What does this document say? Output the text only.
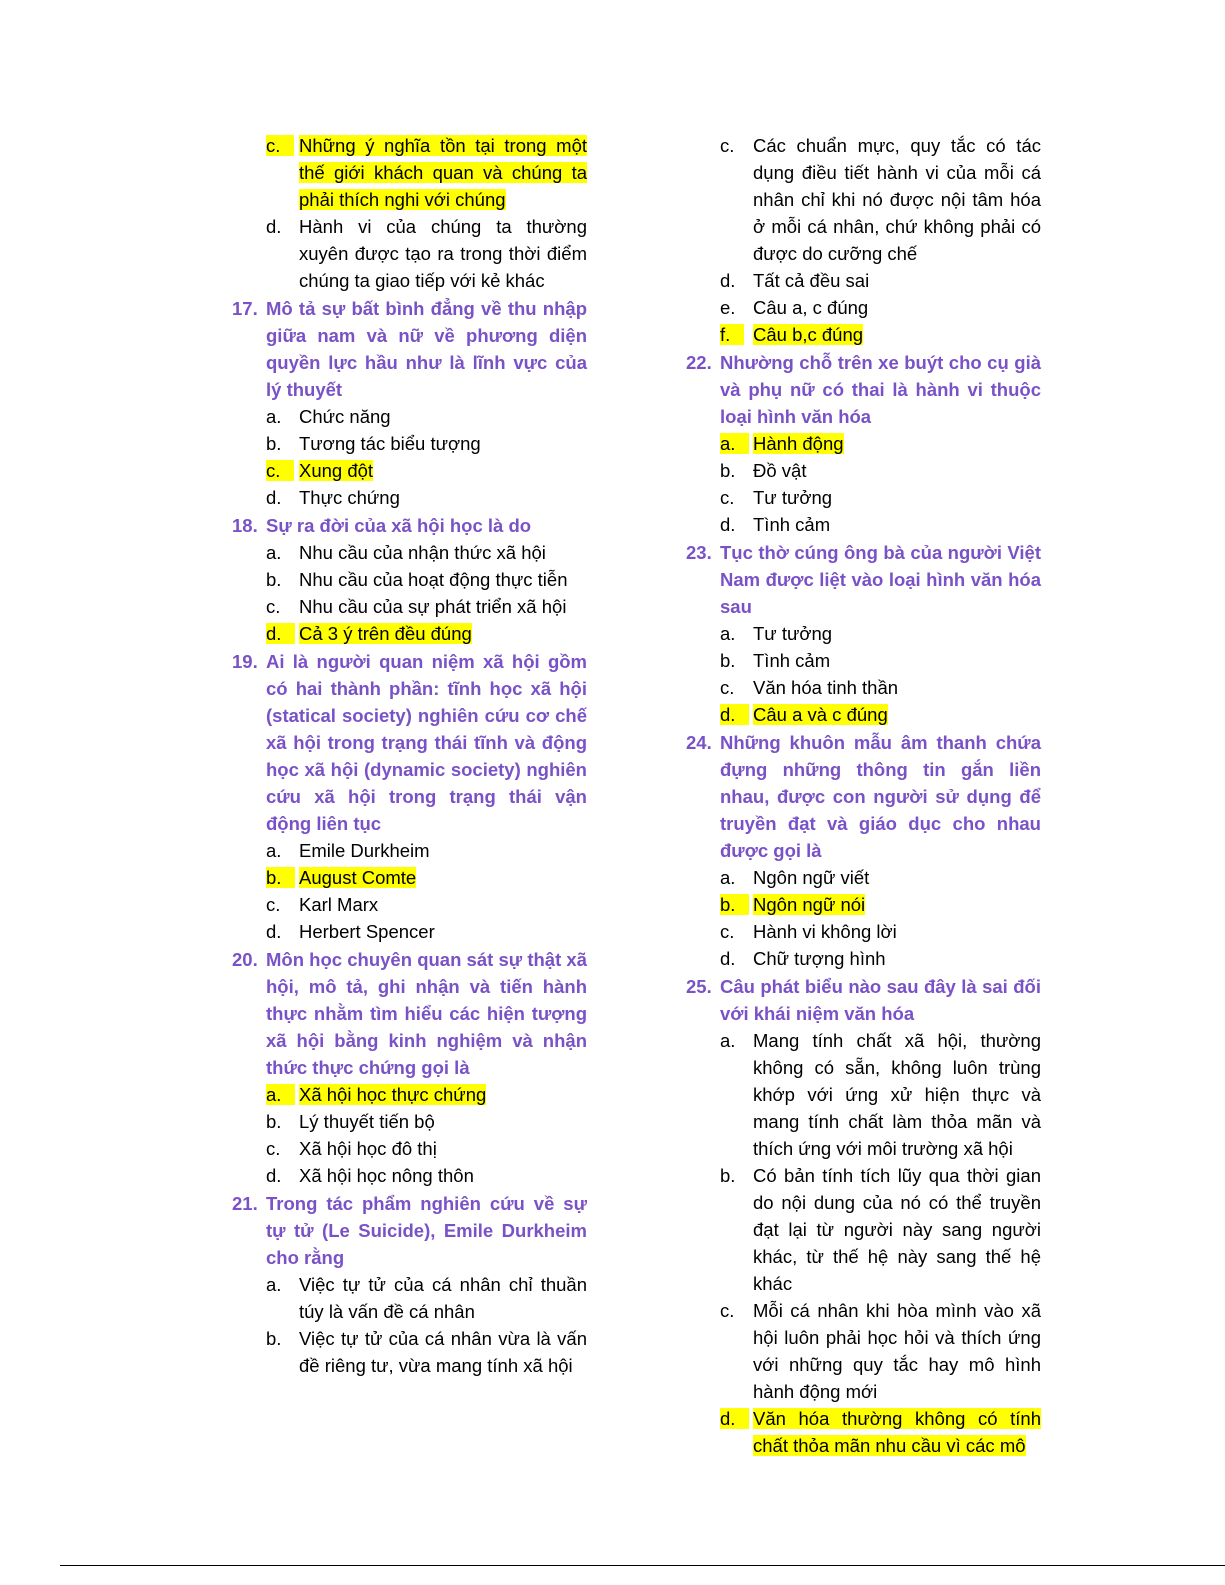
c.	Những ý nghĩa tồn tại trong một thế giới khách quan và chúng ta phải thích nghi với chúng
d. Hành vi của chúng ta thường xuyên được tạo ra trong thời điểm chúng ta giao tiếp với kẻ khác
17. Mô tả sự bất bình đẳng về thu nhập giữa nam và nữ về phương diện quyền lực hầu như là lĩnh vực của lý thuyết
a. Chức năng
b. Tương tác biểu tượng
c.	Xung đột
d. Thực chứng
18. Sự ra đời của xã hội học là do
a. Nhu cầu của nhận thức xã hội
b. Nhu cầu của hoạt động thực tiễn
c.	Nhu cầu của sự phát triển xã hội
d. Cả 3 ý trên đều đúng
19. Ai là người quan niệm xã hội gồm có hai thành phần: tĩnh học xã hội (statical society) nghiên cứu cơ chế xã hội trong trạng thái tĩnh và động học xã hội (dynamic society) nghiên cứu xã hội trong trạng thái vận động liên tục
a. Emile Durkheim
b. August Comte
c.	Karl Marx
d. Herbert Spencer
20. Môn học chuyên quan sát sự thật xã hội, mô tả, ghi nhận và tiến hành thực nhằm tìm hiểu các hiện tượng xã hội bằng kinh nghiệm và nhận thức thực chứng gọi là
a. Xã hội học thực chứng
b. Lý thuyết tiến bộ
c.	Xã hội học đô thị
d. Xã hội học nông thôn
21. Trong tác phẩm nghiên cứu về sự tự tử (Le Suicide), Emile Durkheim cho rằng
a. Việc tự tử của cá nhân chỉ thuần túy là vấn đề cá nhân
b. Việc tự tử của cá nhân vừa là vấn đề riêng tư, vừa mang tính xã hội
c.	Các chuẩn mực, quy tắc có tác dụng điều tiết hành vi của mỗi cá nhân chỉ khi nó được nội tâm hóa ở mỗi cá nhân, chứ không phải có được do cưỡng chế
d. Tất cả đều sai
e. Câu a, c đúng
f.	Câu b,c đúng
22. Nhường chỗ trên xe buýt cho cụ già và phụ nữ có thai là hành vi thuộc loại hình văn hóa
a. Hành động
b. Đồ vật
c.	Tư tưởng
d. Tình cảm
23. Tục thờ cúng ông bà của người Việt Nam được liệt vào loại hình văn hóa sau
a. Tư tưởng
b. Tình cảm
c.	Văn hóa tinh thần
d. Câu a và c đúng
24. Những khuôn mẫu âm thanh chứa đựng những thông tin gắn liền nhau, được con người sử dụng để truyền đạt và giáo dục cho nhau được gọi là
a. Ngôn ngữ viết
b. Ngôn ngữ nói
c.	Hành vi không lời
d. Chữ tượng hình
25. Câu phát biểu nào sau đây là sai đối với khái niệm văn hóa
a. Mang tính chất xã hội, thường không có sẵn, không luôn trùng khớp với ứng xử hiện thực và mang tính chất làm thỏa mãn và thích ứng với môi trường xã hội
b. Có bản tính tích lũy qua thời gian do nội dung của nó có thể truyền đạt lại từ người này sang người khác, từ thế hệ này sang thế hệ khác
c.	Mỗi cá nhân khi hòa mình vào xã hội luôn phải học hỏi và thích ứng với những quy tắc hay mô hình hành động mới
d. Văn hóa thường không có tính chất thỏa mãn nhu cầu vì các mô
